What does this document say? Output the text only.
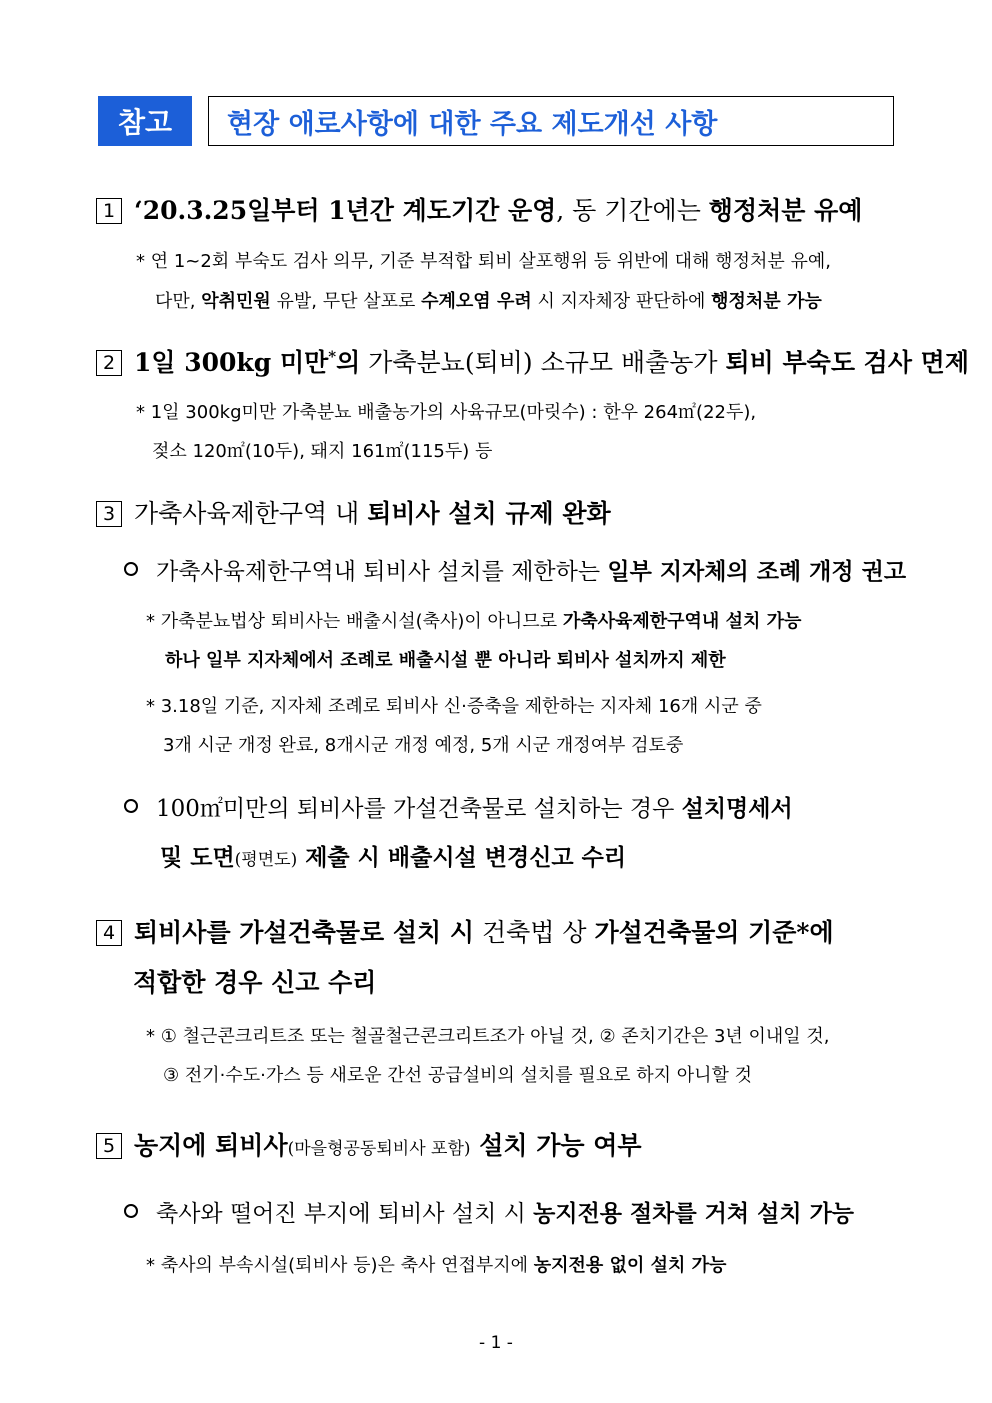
참고	현장 애로사항에 대한 주요 제도개선 사항
1 ‘20.3.25일부터 1년간 계도기간 운영, 동 기간에는 행정처분 유예
* 연 1~2회 부숙도 검사 의무, 기준 부적합 퇴비 살포행위 등 위반에 대해 행정처분 유예,
다만, 악취민원 유발, 무단 살포로 수계오염 우려 시 지자체장 판단하에 행정처분 가능
2 1일 300kg 미만*의 가축분뇨(퇴비) 소규모 배출농가 퇴비 부숙도 검사 면제
* 1일 300kg미만 가축분뇨 배출농가의 사육규모(마릿수) : 한우 264㎡(22두),
젖소 120㎡(10두), 돼지 161㎡(115두) 등
3 가축사육제한구역 내 퇴비사 설치 규제 완화
가축사육제한구역내 퇴비사 설치를 제한하는 일부 지자체의 조례 개정 권고
* 가축분뇨법상 퇴비사는 배출시설(축사)이 아니므로 가축사육제한구역내 설치 가능
하나 일부 지자체에서 조례로 배출시설 뿐 아니라 퇴비사 설치까지 제한
* 3.18일 기준, 지자체 조례로 퇴비사 신·증축을 제한하는 지자체 16개 시군 중
3개 시군 개정 완료, 8개시군 개정 예정, 5개 시군 개정여부 검토중
100㎡미만의 퇴비사를 가설건축물로 설치하는 경우 설치명세서
및 도면(평면도) 제출 시 배출시설 변경신고 수리
4 퇴비사를 가설건축물로 설치 시 건축법 상 가설건축물의 기준*에
적합한 경우 신고 수리
* ① 철근콘크리트조 또는 철골철근콘크리트조가 아닐 것, ② 존치기간은 3년 이내일 것,
③ 전기·수도·가스 등 새로운 간선 공급설비의 설치를 필요로 하지 아니할 것
5 농지에 퇴비사(마을형공동퇴비사 포함) 설치 가능 여부
축사와 떨어진 부지에 퇴비사 설치 시 농지전용 절차를 거쳐 설치 가능
* 축사의 부속시설(퇴비사 등)은 축사 연접부지에 농지전용 없이 설치 가능
- 1 -
